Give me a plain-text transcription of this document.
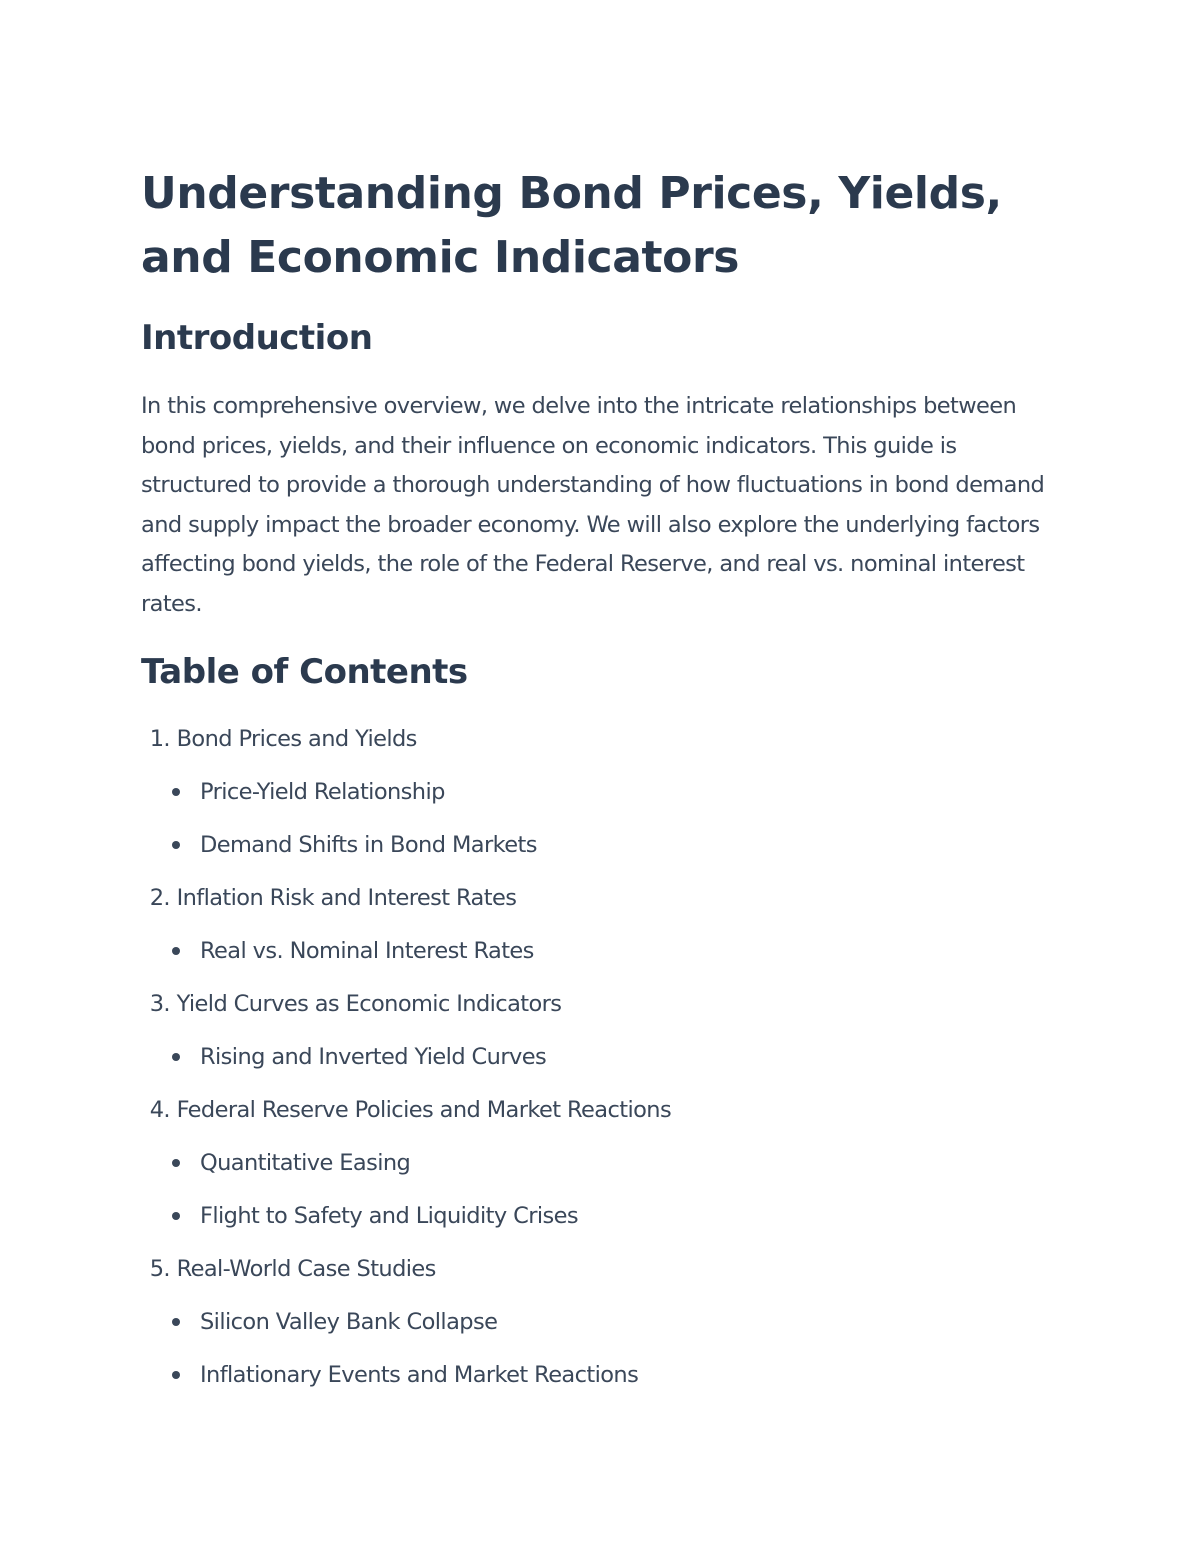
Understanding Bond Prices, Yields, and Economic Indicators
Introduction

In this comprehensive overview, we delve into the intricate relationships between bond prices, yields, and their influence on economic indicators. This guide is structured to provide a thorough understanding of how fluctuations in bond demand and supply impact the broader economy. We will also explore the underlying factors affecting bond yields, the role of the Federal Reserve, and real vs. nominal interest rates.

Table of Contents
1. Bond Prices and Yields
Price-Yield Relationship
Demand Shifts in Bond Markets
2. Inflation Risk and Interest Rates
Real vs. Nominal Interest Rates
3. Yield Curves as Economic Indicators
Rising and Inverted Yield Curves
4. Federal Reserve Policies and Market Reactions
Quantitative Easing
Flight to Safety and Liquidity Crises
5. Real-World Case Studies
Silicon Valley Bank Collapse
Inflationary Events and Market Reactions
